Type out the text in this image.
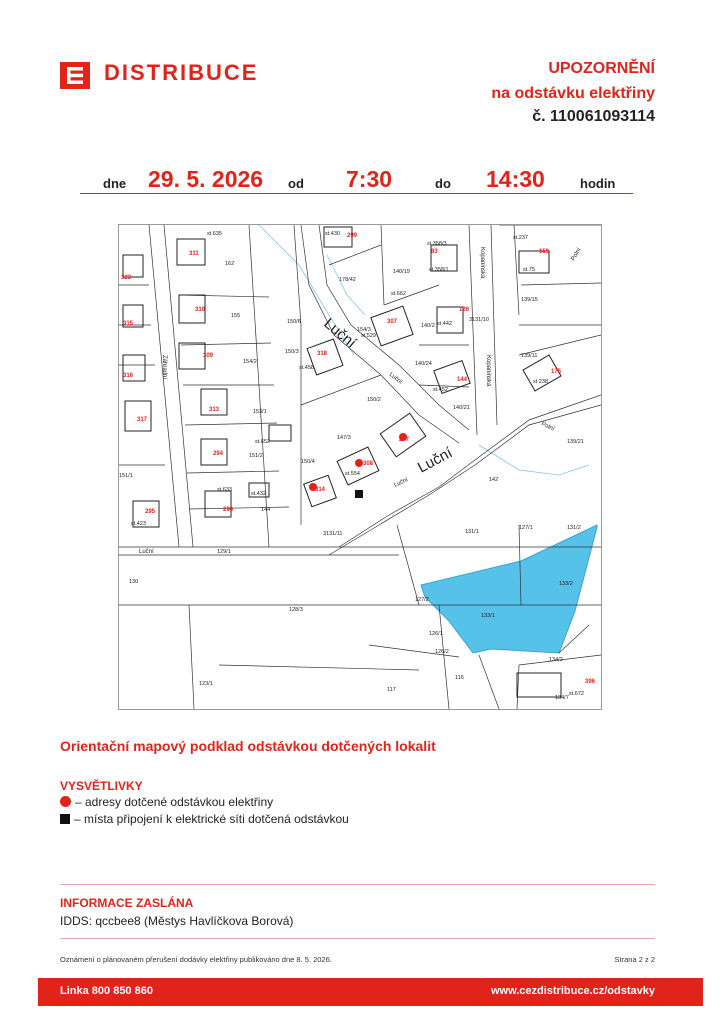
DISTRIBUCE	UPOZORNĚNÍ
na odstávku elektřiny
č. 110061093114
dne 29. 5. 2026 od 7:30	do 14:30	hodin
Luční
Luční
Luční
Luční
Luční
Záhradní
Kopaninská
Kopaninská
Polní
Polní
311
310
309
313
294
296
295
323
315
316
317
318
307
144
297
308
314
299
83
126
159
175
396
162
155
154/2
153/1
151/2
144
151/1
150/6
150/3
150/4
147/3
150/2
154/3
178/42
140/19
140/2
140/24
140/21
3131/10
139/15
139/11
139/21
142
131/1
127/1	131/2
133/2
133/1
127/2
126/1
126/2
116
134/2
134/7
130
128/3
123/1
117
129/1
3131/11
st.635
st.458
st.652
st.633
st.432
st.423
st.554
st.529
st.662
st.358/3
st.358/1
st.442
st.452
st.237
st.75
st.238
st.430
st.672
Orientační mapový podklad odstávkou dotčených lokalit
VYSVĚTLIVKY
– adresy dotčené odstávkou elektřiny
– místa připojení k elektrické síti dotčená odstávkou
INFORMACE ZASLÁNA
IDDS: qccbee8 (Městys Havlíčkova Borová)
Oznámení o plánovaném přerušení dodávky elektřiny publikováno dne 8. 5. 2026.	Strana 2 z 2
Linka 800 850 860	www.cezdistribuce.cz/odstavky
